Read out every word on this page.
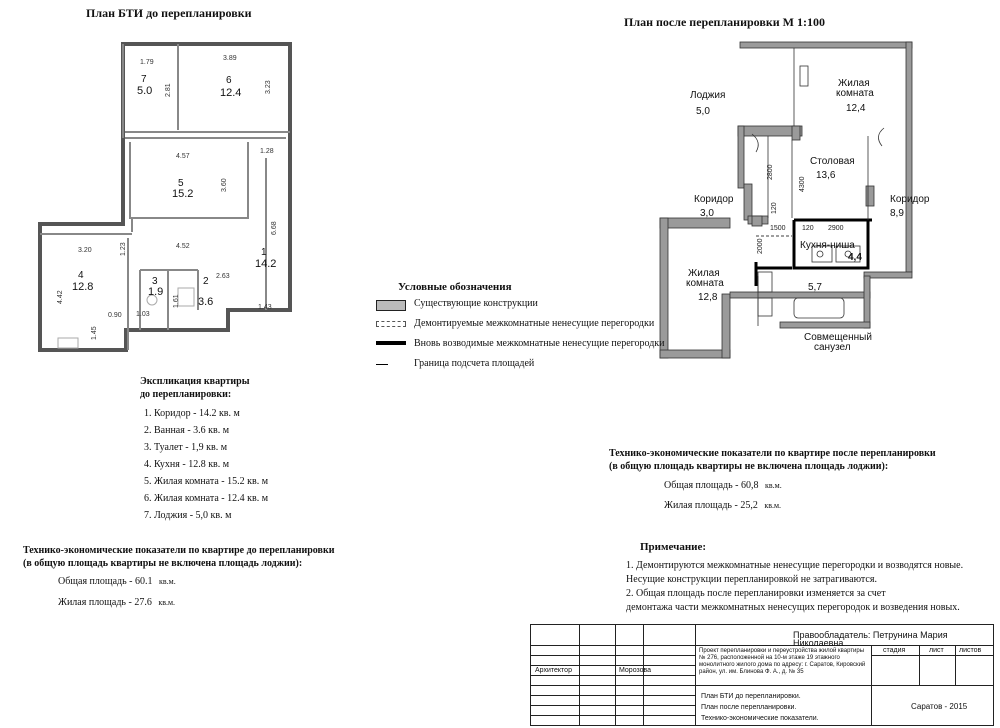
План БТИ до перепланировки
7
5.0
6
12.4
5
15.2
1
14.2
4
12.8	3
1.9
2
3.6
1.79
3.89
2.81	3.23
4.57
1.28
3.60
6.68
3.20
4.52
1.23
4.42
2.63
1.45
0.90 1.03
1.43
1.61
План после перепланировки М 1:100
Лоджия
5,0
Жилая
комната
12,4
Столовая
13,6
Коридор
3,0
Коридор
8,9
Жилая
комната
12,8
Кухня-ниша
4,4
5,7
Совмещенный
санузел
2800
4300
120
1500 120 2900
2000
Условные обозначения
Существующие конструкции
Демонтируемые межкомнатные ненесущие перегородки
Вновь возводимые межкомнатные ненесущие перегородки
Граница подсчета площадей
Экспликация квартиры
до перепланировки:
1. Коридор - 14.2 кв. м
2. Ванная - 3.6 кв. м
3. Туалет - 1,9 кв. м
4. Кухня - 12.8 кв. м
5. Жилая комната - 15.2 кв. м
6. Жилая комната - 12.4 кв. м
7. Лоджия - 5,0 кв. м
Технико-экономические показатели по квартире до перепланировки
(в общую площадь квартиры не включена площадь лоджии):
Общая площадь - 60.1 кв.м.
Жилая площадь - 27.6 кв.м.
Технико-экономические показатели по квартире после перепланировки
(в общую площадь квартиры не включена площадь лоджии):
Общая площадь - 60,8 кв.м.
Жилая площадь - 25,2 кв.м.
Примечание:
1. Демонтируются межкомнатные ненесущие перегородки и возводятся новые.
Несущие конструкции перепланировкой не затрагиваются.
2. Общая площадь после перепланировки изменяется за счет
демонтажа части межкомнатных ненесущих перегородок и возведения новых.
Правообладатель: Петрунина Мария Николаевна
Проект перепланировки и переустройства жилой квартиры № 276, расположенной на 10-м этаже 19 этажного монолитного жилого дома по адресу: г. Саратов, Кировский район, ул. им. Блинова Ф. А., д. № 35
стадия	лист листов
Архитектор	Морозова
План БТИ до перепланировки.
План после перепланировки.
Технико-экономические показатели.
Саратов - 2015
